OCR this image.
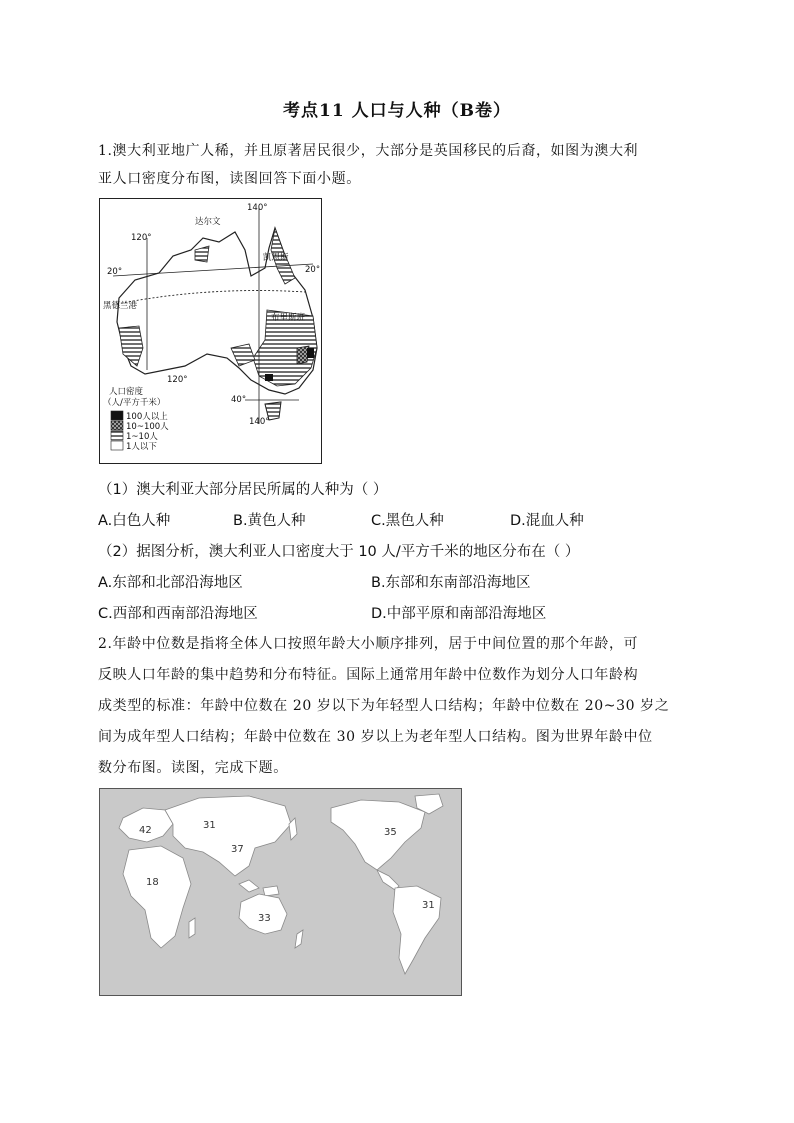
考点11 人口与人种（B卷）
1.澳大利亚地广人稀，并且原著居民很少，大部分是英国移民的后裔，如图为澳大利
亚人口密度分布图，读图回答下面小题。
140°
120°
120°
140°
20°	20°
40°
达尔文
凯恩斯
黑德兰港
布里斯班
人口密度
（人/平方千米）
100人以上
10~100人
1~10人
1人以下
（1）澳大利亚大部分居民所属的人种为（ ）
A.白色人种	B.黄色人种	C.黑色人种	D.混血人种
（2）据图分析，澳大利亚人口密度大于 10 人/平方千米的地区分布在（ ）
A.东部和北部沿海地区	B.东部和东南部沿海地区
C.西部和西南部沿海地区	D.中部平原和南部沿海地区
2.年龄中位数是指将全体人口按照年龄大小顺序排列，居于中间位置的那个年龄，可
反映人口年龄的集中趋势和分布特征。国际上通常用年龄中位数作为划分人口年龄构
成类型的标准：年龄中位数在 20 岁以下为年轻型人口结构；年龄中位数在 20~30 岁之
间为成年型人口结构；年龄中位数在 30 岁以上为老年型人口结构。图为世界年龄中位
数分布图。读图，完成下题。
42	31
37
35
18
33
31
